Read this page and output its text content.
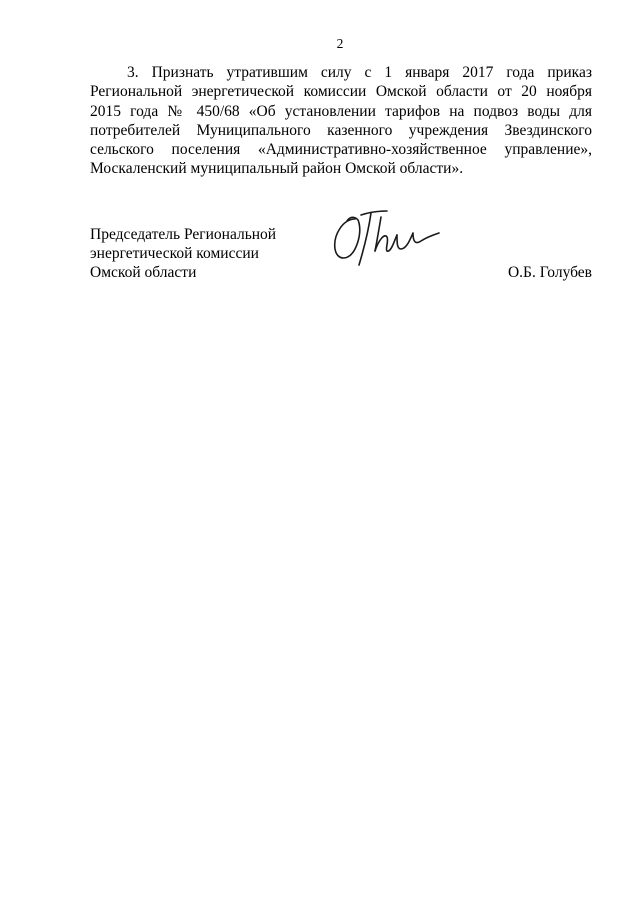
2
3. Признать утратившим силу с 1 января 2017 года приказ
Региональной энергетической комиссии Омской области от 20 ноября
2015 года № 450/68 «Об установлении тарифов на подвоз воды для
потребителей Муниципального казенного учреждения Звездинского
сельского поселения «Административно-хозяйственное управление»,
Москаленский муниципальный район Омской области».
Председатель Региональной
энергетической комиссии
Омской области	О.Б. Голубев
